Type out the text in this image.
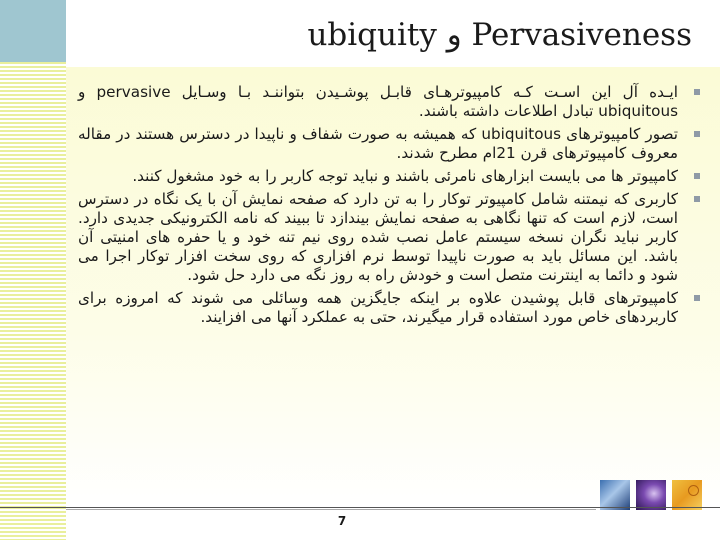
ubiquity و Pervasiveness
ایـده آل این اسـت کـه کامپیوترهـای قابـل پوشـیدن بتواننـد بـا وسـایل pervasive و ubiquitous تبادل اطلاعات داشته باشند.
تصور کامپیوترهای ubiquitous که همیشه به صورت شفاف و ناپیدا در دسترس هستند در مقاله معروف کامپیوترهای قرن 21ام مطرح شدند.
کامپیوتر ها می بایست ابزارهای نامرئی باشند و نباید توجه کاربر را به خود مشغول کنند.
کاربری که نیمتنه شامل کامپیوتر توکار را به تن دارد که صفحه نمایش آن با یک نگاه در دسترس است، لازم است که تنها نگاهی به صفحه نمایش بیندازد تا ببیند که نامه الکترونیکی جدیدی دارد. کاربر نباید نگران نسخه سیستم عامل نصب شده روی نیم تنه خود و یا حفره های امنیتی آن باشد. این مسائل باید به صورت ناپیدا توسط نرم افزاری که روی سخت افزار توکار اجرا می شود و دائما به اینترنت متصل است و خودش راه به روز نگه می دارد حل شود.
کامپیوترهای قابل پوشیدن علاوه بر اینکه جایگزین همه وسائلی می شوند که امروزه برای کاربردهای خاص مورد استفاده قرار میگیرند، حتی به عملکرد آنها می افزایند.
7
